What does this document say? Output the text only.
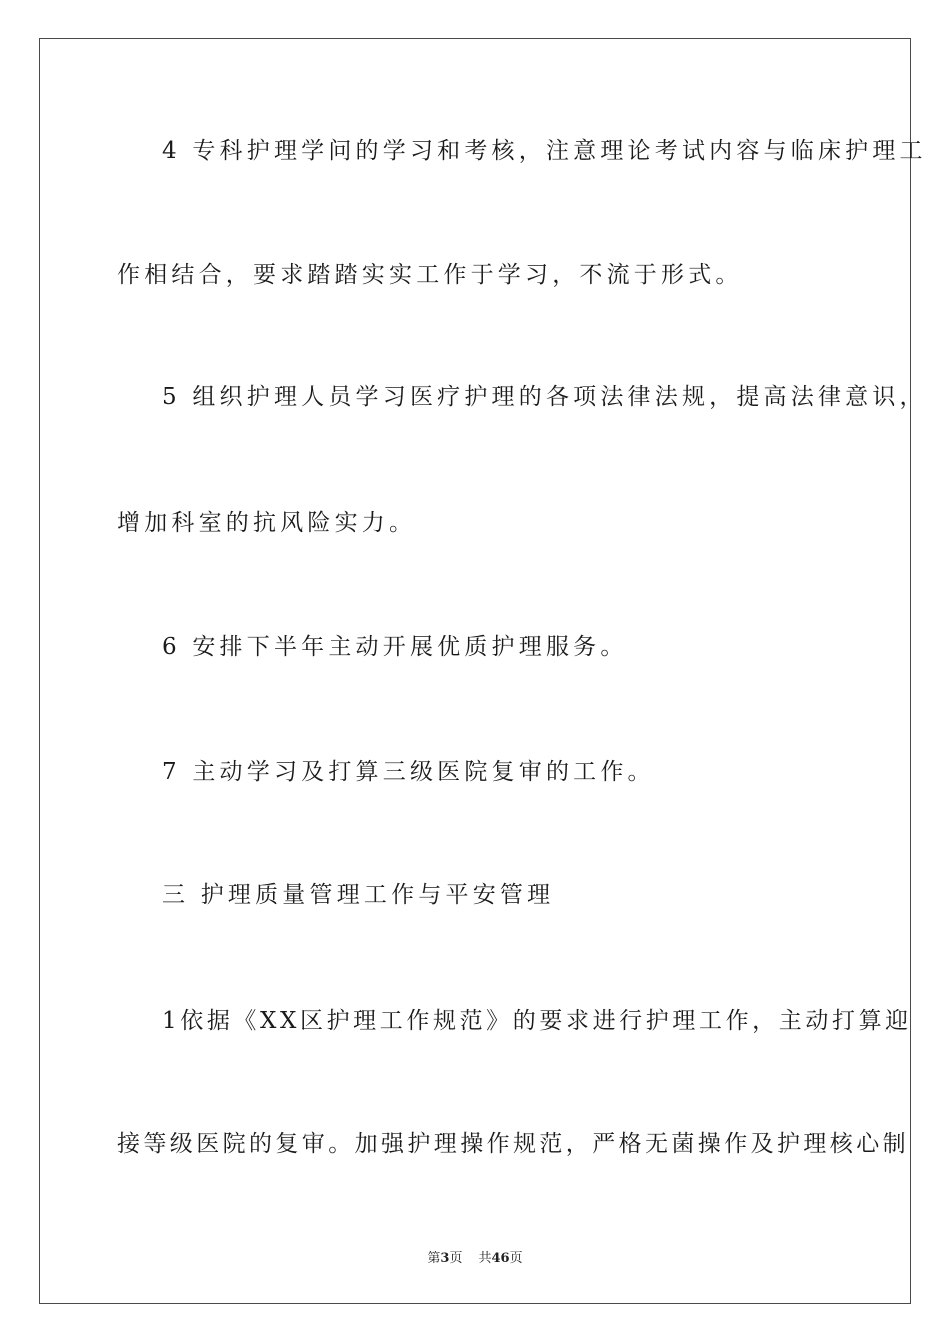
4 专科护理学问的学习和考核，注意理论考试内容与临床护理工
作相结合，要求踏踏实实工作于学习，不流于形式。
5 组织护理人员学习医疗护理的各项法律法规，提高法律意识，
增加科室的抗风险实力。
6 安排下半年主动开展优质护理服务。
7 主动学习及打算三级医院复审的工作。
三 护理质量管理工作与平安管理
1依据《XX区护理工作规范》的要求进行护理工作，主动打算迎
接等级医院的复审。加强护理操作规范，严格无菌操作及护理核心制
第3页 共46页
